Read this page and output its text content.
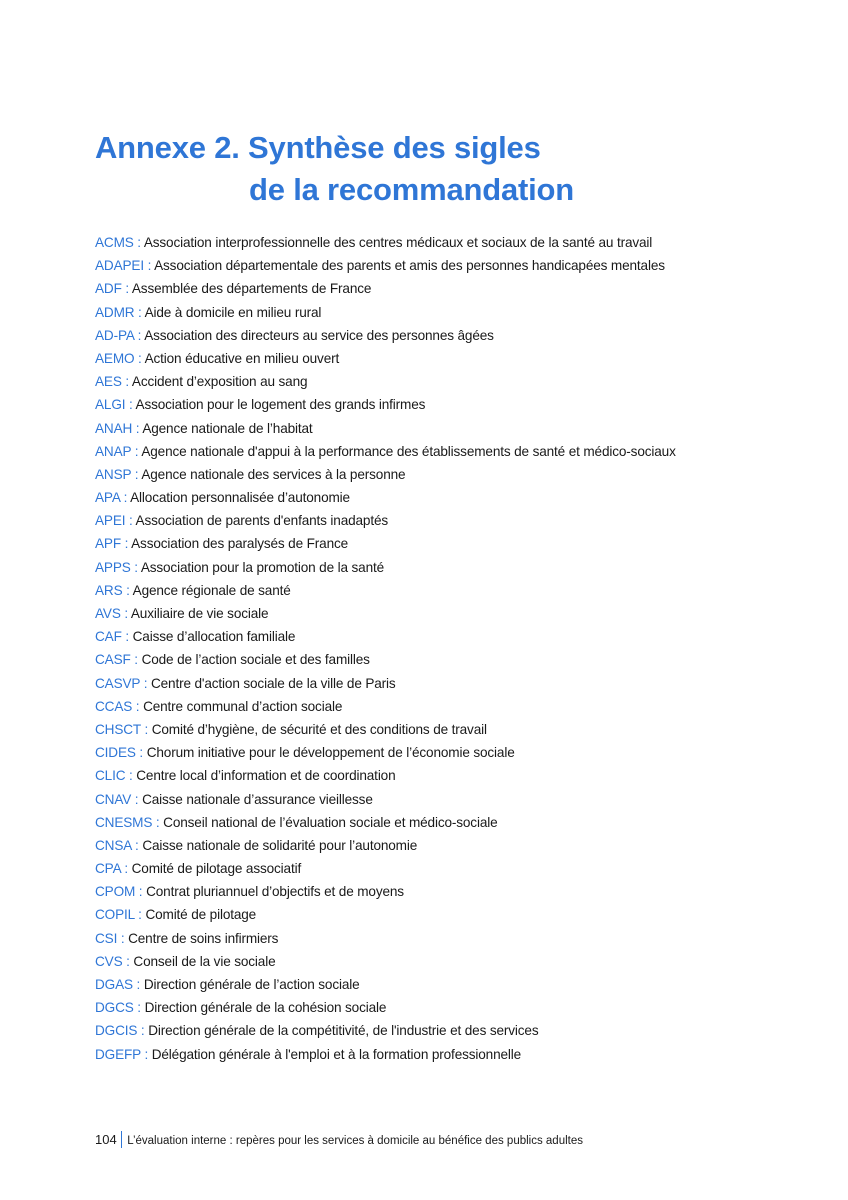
Annexe 2. Synthèse des sigles
de la recommandation
ACMS : Association interprofessionnelle des centres médicaux et sociaux de la santé au travail
ADAPEI : Association départementale des parents et amis des personnes handicapées mentales
ADF : Assemblée des départements de France
ADMR : Aide à domicile en milieu rural
AD-PA : Association des directeurs au service des personnes âgées
AEMO : Action éducative en milieu ouvert
AES : Accident d’exposition au sang
ALGI : Association pour le logement des grands infirmes
ANAH : Agence nationale de l’habitat
ANAP : Agence nationale d'appui à la performance des établissements de santé et médico-sociaux
ANSP : Agence nationale des services à la personne
APA : Allocation personnalisée d’autonomie
APEI : Association de parents d'enfants inadaptés
APF : Association des paralysés de France
APPS : Association pour la promotion de la santé
ARS : Agence régionale de santé
AVS : Auxiliaire de vie sociale
CAF : Caisse d’allocation familiale
CASF : Code de l’action sociale et des familles
CASVP : Centre d'action sociale de la ville de Paris
CCAS : Centre communal d’action sociale
CHSCT : Comité d’hygiène, de sécurité et des conditions de travail
CIDES : Chorum initiative pour le développement de l’économie sociale
CLIC : Centre local d’information et de coordination
CNAV : Caisse nationale d’assurance vieillesse
CNESMS : Conseil national de l’évaluation sociale et médico-sociale
CNSA : Caisse nationale de solidarité pour l’autonomie
CPA : Comité de pilotage associatif
CPOM : Contrat pluriannuel d’objectifs et de moyens
COPIL : Comité de pilotage
CSI : Centre de soins infirmiers
CVS : Conseil de la vie sociale
DGAS : Direction générale de l’action sociale
DGCS : Direction générale de la cohésion sociale
DGCIS : Direction générale de la compétitivité, de l'industrie et des services
DGEFP : Délégation générale à l'emploi et à la formation professionnelle
104 L’évaluation interne : repères pour les services à domicile au bénéfice des publics adultes
